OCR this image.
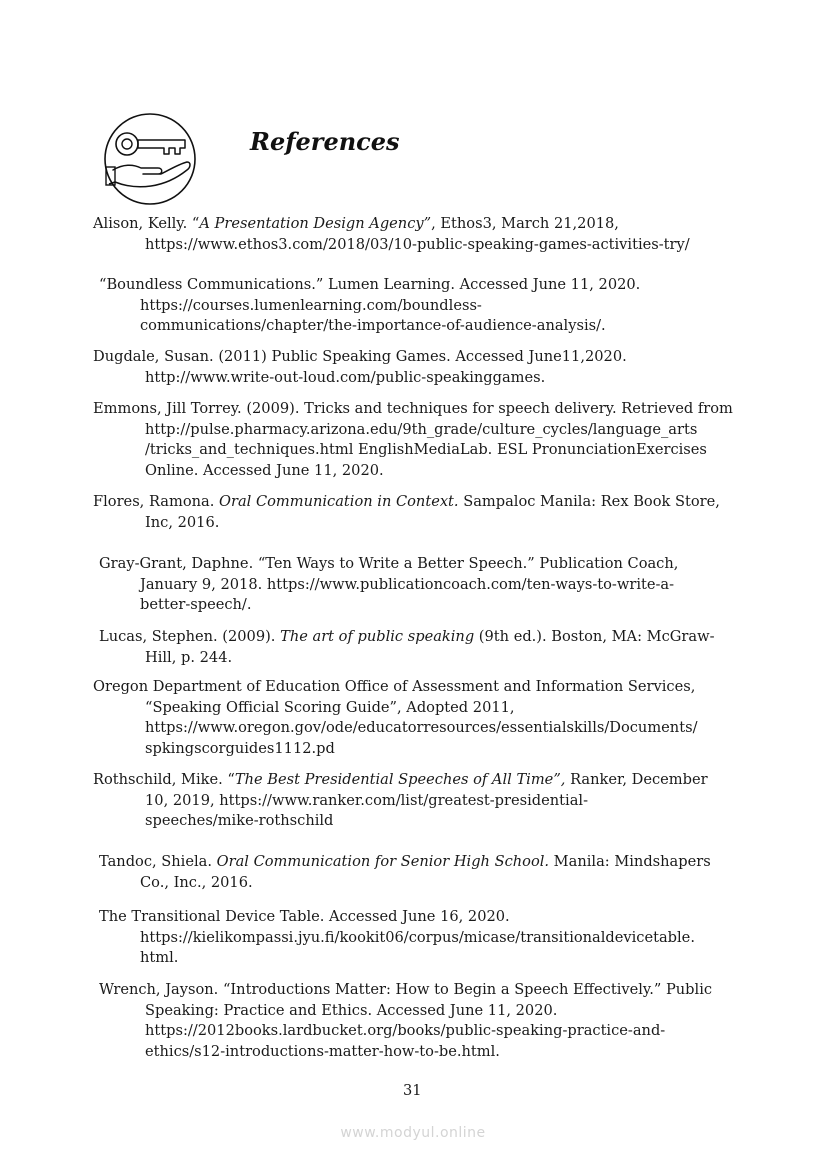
References
Alison, Kelly. “A Presentation Design Agency”, Ethos3, March 21,2018,
https://www.ethos3.com/2018/03/10-public-speaking-games-activities-try/
“Boundless Communications.” Lumen Learning. Accessed June 11, 2020.
https://courses.lumenlearning.com/boundless-
communications/chapter/the-importance-of-audience-analysis/.
Dugdale, Susan. (2011) Public Speaking Games. Accessed June11,2020.
http://www.write-out-loud.com/public-speakinggames.
Emmons, Jill Torrey. (2009). Tricks and techniques for speech delivery. Retrieved from
http://pulse.pharmacy.arizona.edu/9th_grade/culture_cycles/language_arts
/tricks_and_techniques.html EnglishMediaLab. ESL PronunciationExercises
Online. Accessed June 11, 2020.
Flores, Ramona. Oral Communication in Context. Sampaloc Manila: Rex Book Store,
Inc, 2016.
Gray-Grant, Daphne. “Ten Ways to Write a Better Speech.” Publication Coach,
January 9, 2018. https://www.publicationcoach.com/ten-ways-to-write-a-
better-speech/.
Lucas, Stephen. (2009). The art of public speaking (9th ed.). Boston, MA: McGraw-
Hill, p. 244.
Oregon Department of Education Office of Assessment and Information Services,
“Speaking Official Scoring Guide”, Adopted 2011,
https://www.oregon.gov/ode/educatorresources/essentialskills/Documents/
spkingscorguides1112.pd
Rothschild, Mike. “The Best Presidential Speeches of All Time”, Ranker, December
10, 2019, https://www.ranker.com/list/greatest-presidential-
speeches/mike-rothschild
Tandoc, Shiela. Oral Communication for Senior High School. Manila: Mindshapers
Co., Inc., 2016.
The Transitional Device Table. Accessed June 16, 2020.
https://kielikompassi.jyu.fi/kookit06/corpus/micase/transitionaldevicetable.
html.
Wrench, Jayson. “Introductions Matter: How to Begin a Speech Effectively.” Public
Speaking: Practice and Ethics. Accessed June 11, 2020.
https://2012books.lardbucket.org/books/public-speaking-practice-and-
ethics/s12-introductions-matter-how-to-be.html.
31
www.modyul.online
